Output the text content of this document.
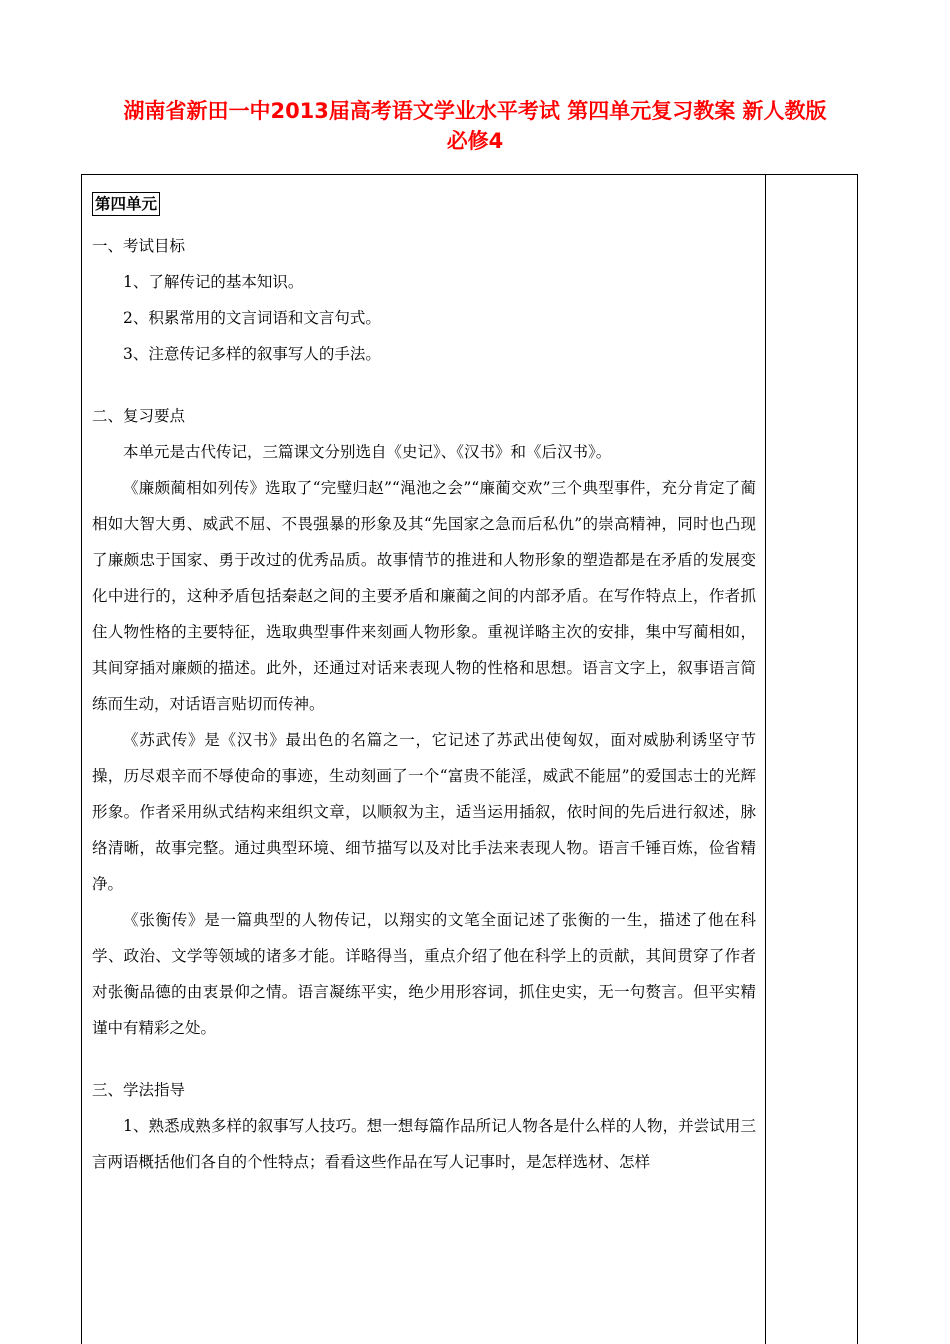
湖南省新田一中2013届高考语文学业水平考试 第四单元复习教案 新人教版
必修4
第四单元
一、考试目标
1、了解传记的基本知识。
2、积累常用的文言词语和文言句式。
3、注意传记多样的叙事写人的手法。
二、复习要点

本单元是古代传记，三篇课文分别选自《史记》、《汉书》和《后汉书》。

《廉颇蔺相如列传》选取了“完璧归赵”“渑池之会”“廉蔺交欢”三个典型事件，充分肯定了蔺相如大智大勇、威武不屈、不畏强暴的形象及其“先国家之急而后私仇”的崇高精神，同时也凸现了廉颇忠于国家、勇于改过的优秀品质。故事情节的推进和人物形象的塑造都是在矛盾的发展变化中进行的，这种矛盾包括秦赵之间的主要矛盾和廉蔺之间的内部矛盾。在写作特点上，作者抓住人物性格的主要特征，选取典型事件来刻画人物形象。重视详略主次的安排，集中写蔺相如，其间穿插对廉颇的描述。此外，还通过对话来表现人物的性格和思想。语言文字上，叙事语言简练而生动，对话语言贴切而传神。

《苏武传》是《汉书》最出色的名篇之一，它记述了苏武出使匈奴，面对威胁利诱坚守节操，历尽艰辛而不辱使命的事迹，生动刻画了一个“富贵不能淫，威武不能屈”的爱国志士的光辉形象。作者采用纵式结构来组织文章，以顺叙为主，适当运用插叙，依时间的先后进行叙述，脉络清晰，故事完整。通过典型环境、细节描写以及对比手法来表现人物。语言千锤百炼，俭省精净。

《张衡传》是一篇典型的人物传记，以翔实的文笔全面记述了张衡的一生，描述了他在科学、政治、文学等领域的诸多才能。详略得当，重点介绍了他在科学上的贡献，其间贯穿了作者对张衡品德的由衷景仰之情。语言凝练平实，绝少用形容词，抓住史实，无一句赘言。但平实精谨中有精彩之处。

三、学法指导

1、熟悉成熟多样的叙事写人技巧。想一想每篇作品所记人物各是什么样的人物，并尝试用三言两语概括他们各自的个性特点；看看这些作品在写人记事时，是怎样选材、怎样
